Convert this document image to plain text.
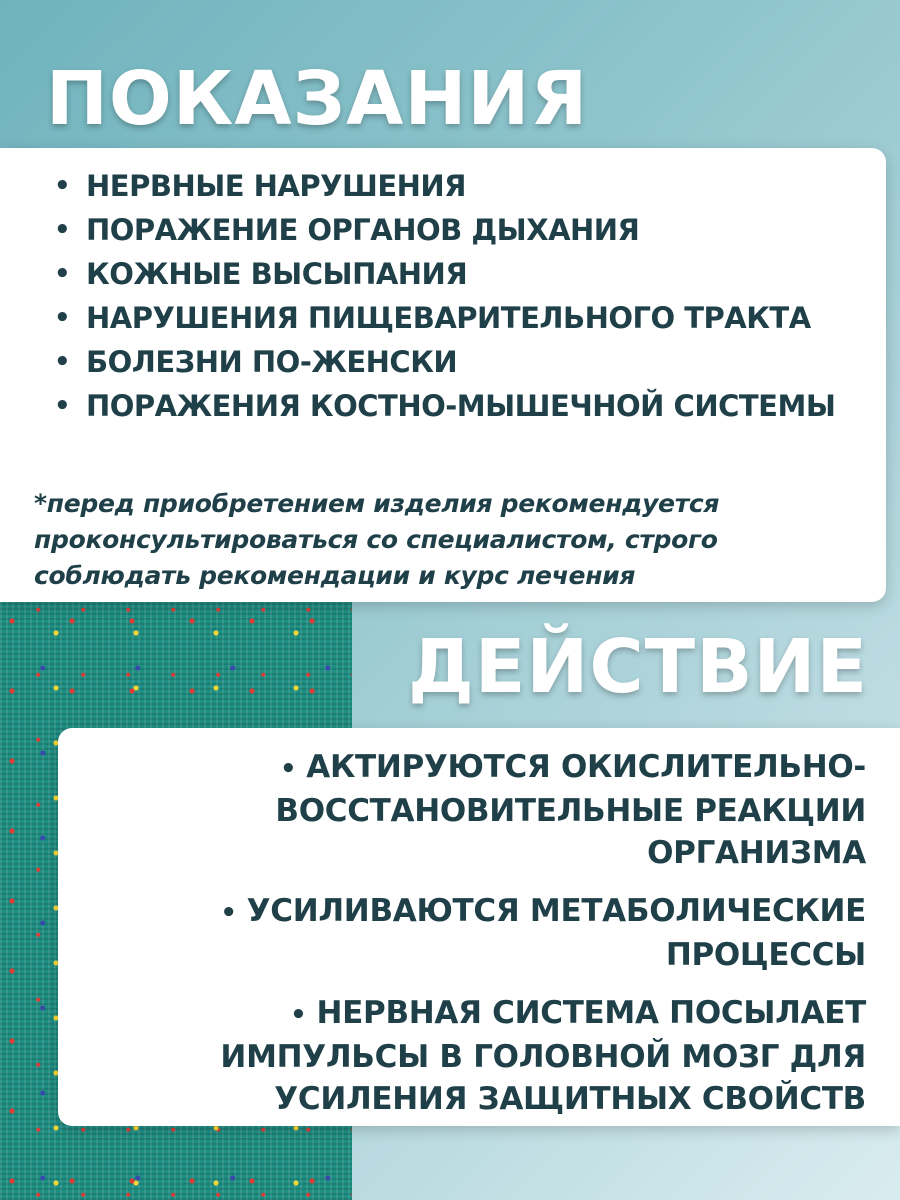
ПОКАЗАНИЯ
• НЕРВНЫЕ НАРУШЕНИЯ
• ПОРАЖЕНИЕ ОРГАНОВ ДЫХАНИЯ
• КОЖНЫЕ ВЫСЫПАНИЯ
• НАРУШЕНИЯ ПИЩЕВАРИТЕЛЬНОГО ТРАКТА
• БОЛЕЗНИ ПО-ЖЕНСКИ
• ПОРАЖЕНИЯ КОСТНО-МЫШЕЧНОЙ СИСТЕМЫ

*перед приобретением изделия рекомендуется проконсультироваться со специалистом, строго соблюдать рекомендации и курс лечения

ДЕЙСТВИЕ
• АКТИРУЮТСЯ ОКИСЛИТЕЛЬНО-ВОССТАНОВИТЕЛЬНЫЕ РЕАКЦИИ ОРГАНИЗМА
• УСИЛИВАЮТСЯ МЕТАБОЛИЧЕСКИЕ ПРОЦЕССЫ
• НЕРВНАЯ СИСТЕМА ПОСЫЛАЕТ ИМПУЛЬСЫ В ГОЛОВНОЙ МОЗГ ДЛЯ УСИЛЕНИЯ ЗАЩИТНЫХ СВОЙСТВ
